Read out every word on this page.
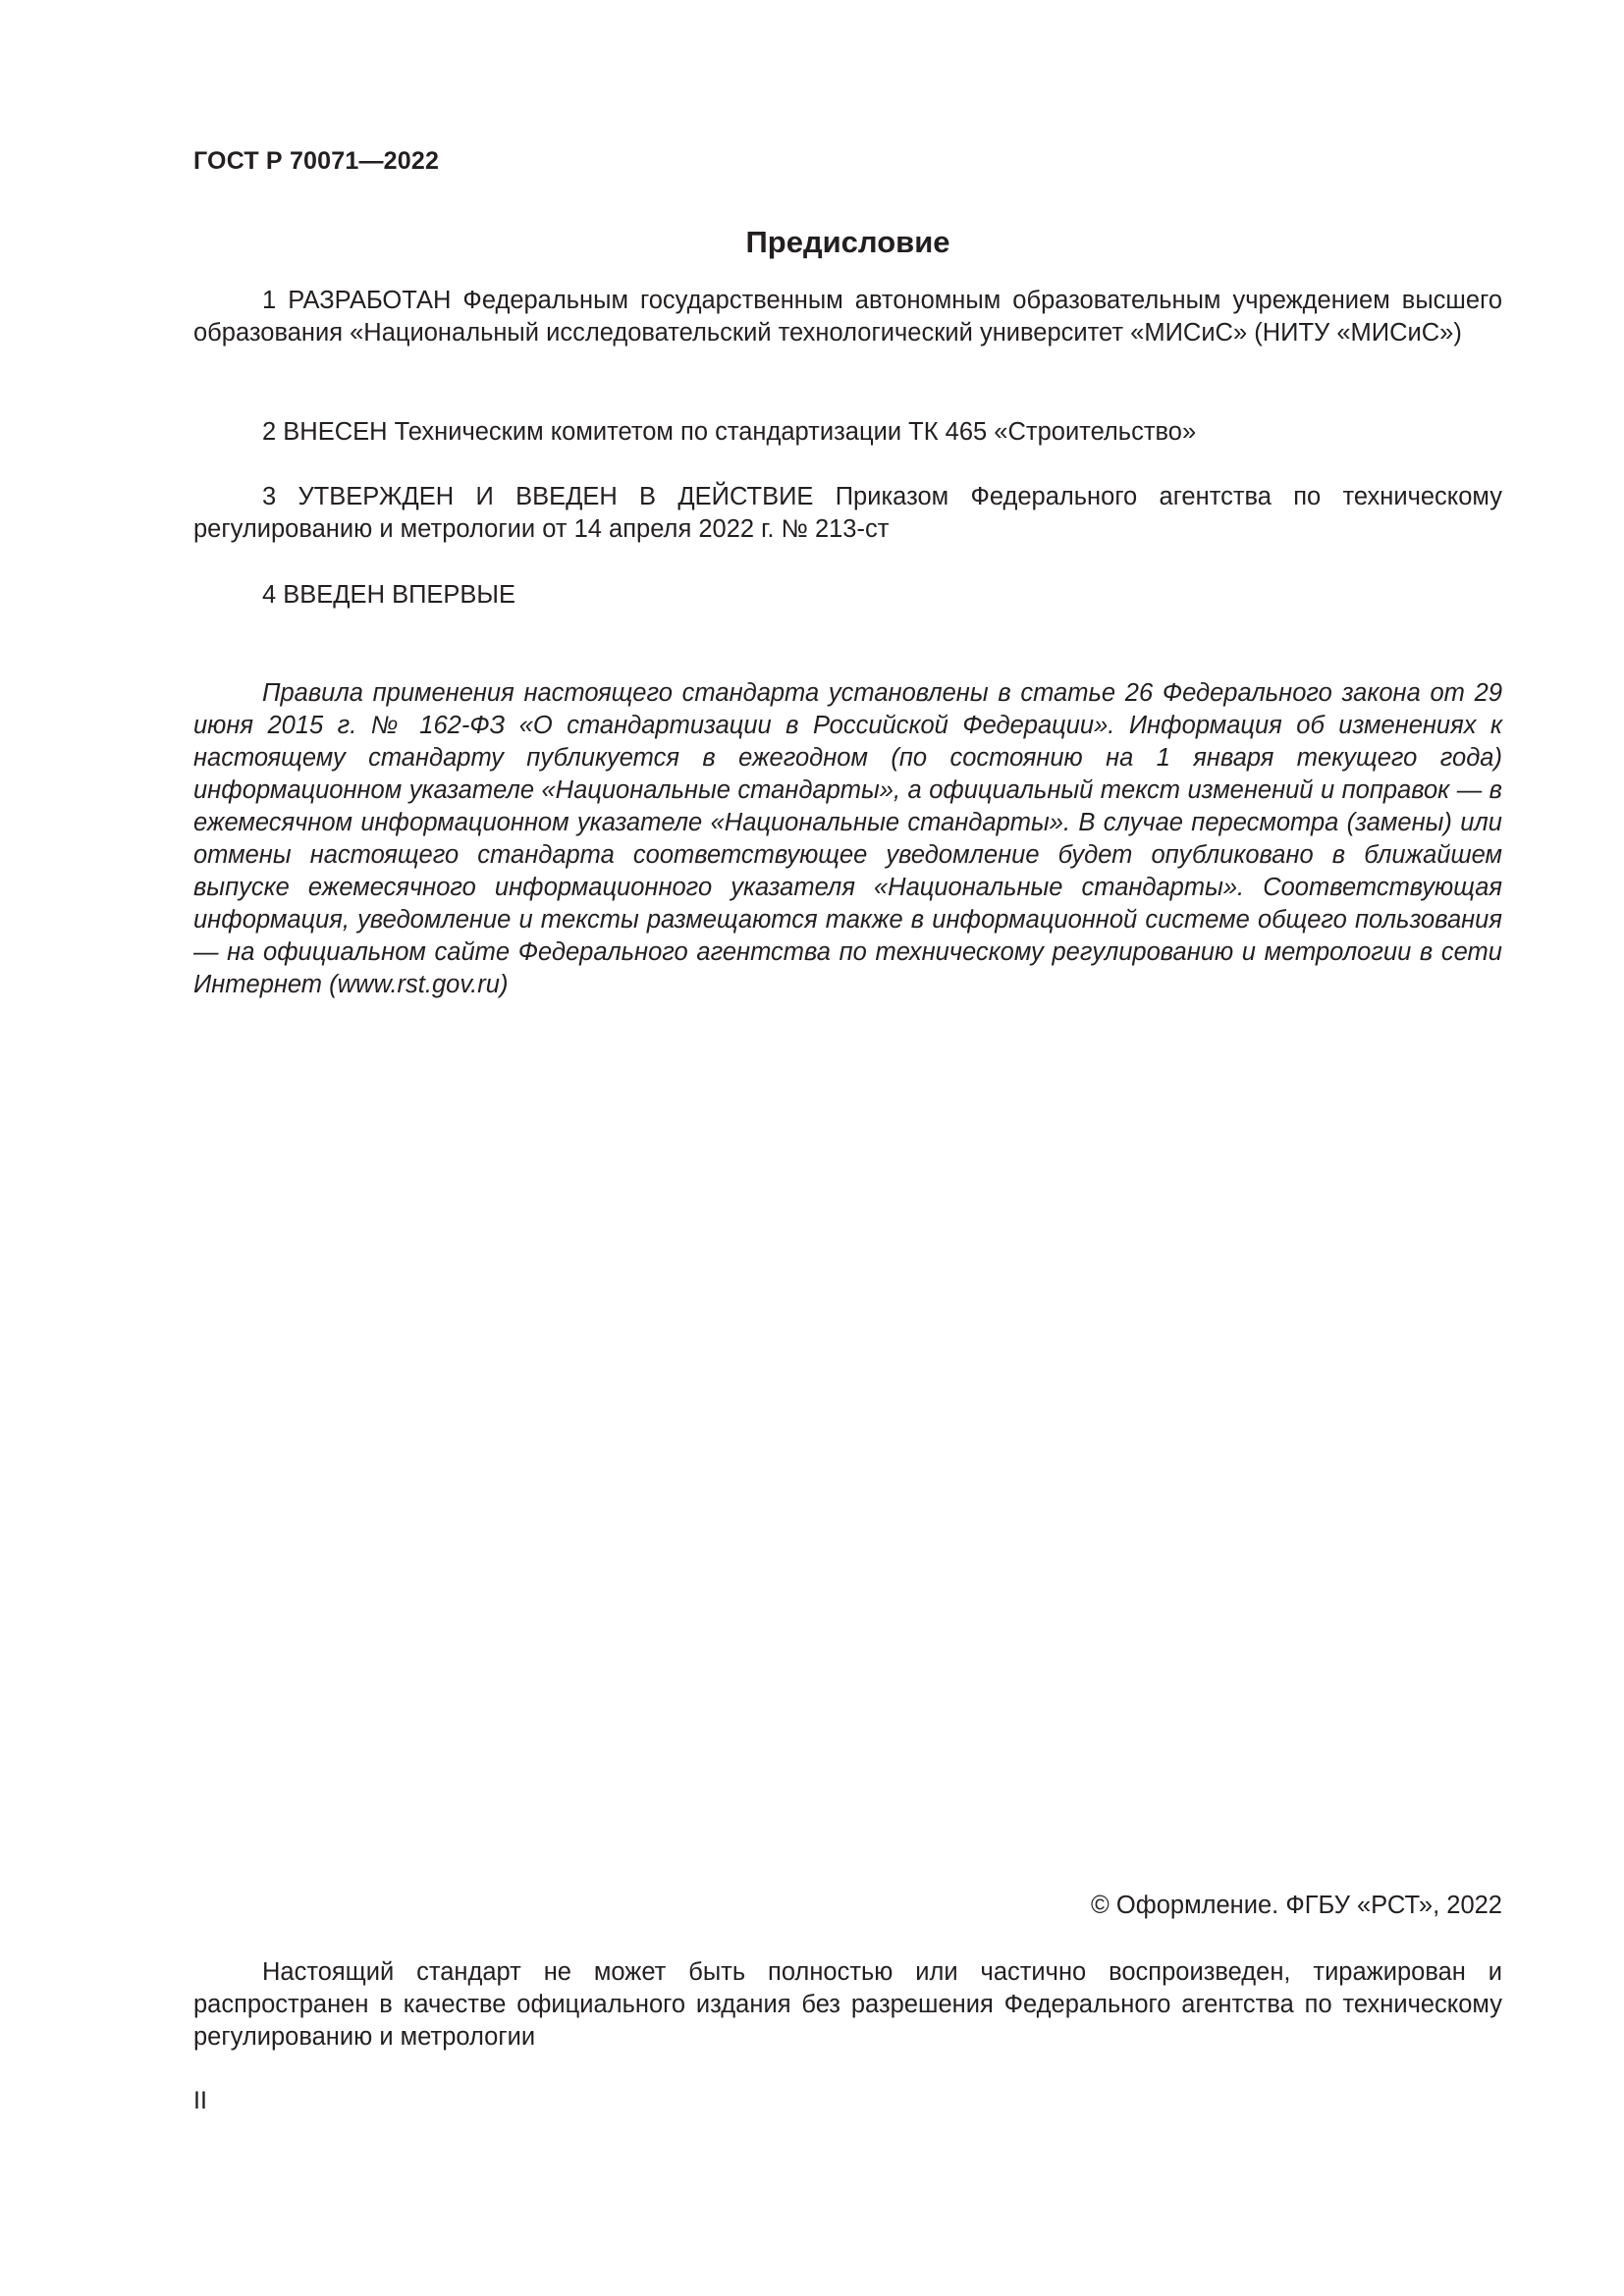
ГОСТ Р 70071—2022
Предисловие

1 РАЗРАБОТАН Федеральным государственным автономным образовательным учреждением высшего образования «Национальный исследовательский технологический университет «МИСиС» (НИТУ «МИСиС»)

2 ВНЕСЕН Техническим комитетом по стандартизации ТК 465 «Строительство»

3 УТВЕРЖДЕН И ВВЕДЕН В ДЕЙСТВИЕ Приказом Федерального агентства по техническому регулированию и метрологии от 14 апреля 2022 г. № 213-ст

4 ВВЕДЕН ВПЕРВЫЕ

Правила применения настоящего стандарта установлены в статье 26 Федерального закона от 29 июня 2015 г. № 162-ФЗ «О стандартизации в Российской Федерации». Информация об изменениях к настоящему стандарту публикуется в ежегодном (по состоянию на 1 января текущего года) информационном указателе «Национальные стандарты», а официальный текст изменений и поправок — в ежемесячном информационном указателе «Национальные стандарты». В случае пересмотра (замены) или отмены настоящего стандарта соответствующее уведомление будет опубликовано в ближайшем выпуске ежемесячного информационного указателя «Национальные стандарты». Соответствующая информация, уведомление и тексты размещаются также в информационной системе общего пользования — на официальном сайте Федерального агентства по техническому регулированию и метрологии в сети Интернет (www.rst.gov.ru)

© Оформление. ФГБУ «РСТ», 2022

Настоящий стандарт не может быть полностью или частично воспроизведен, тиражирован и распространен в качестве официального издания без разрешения Федерального агентства по техническому регулированию и метрологии

II
